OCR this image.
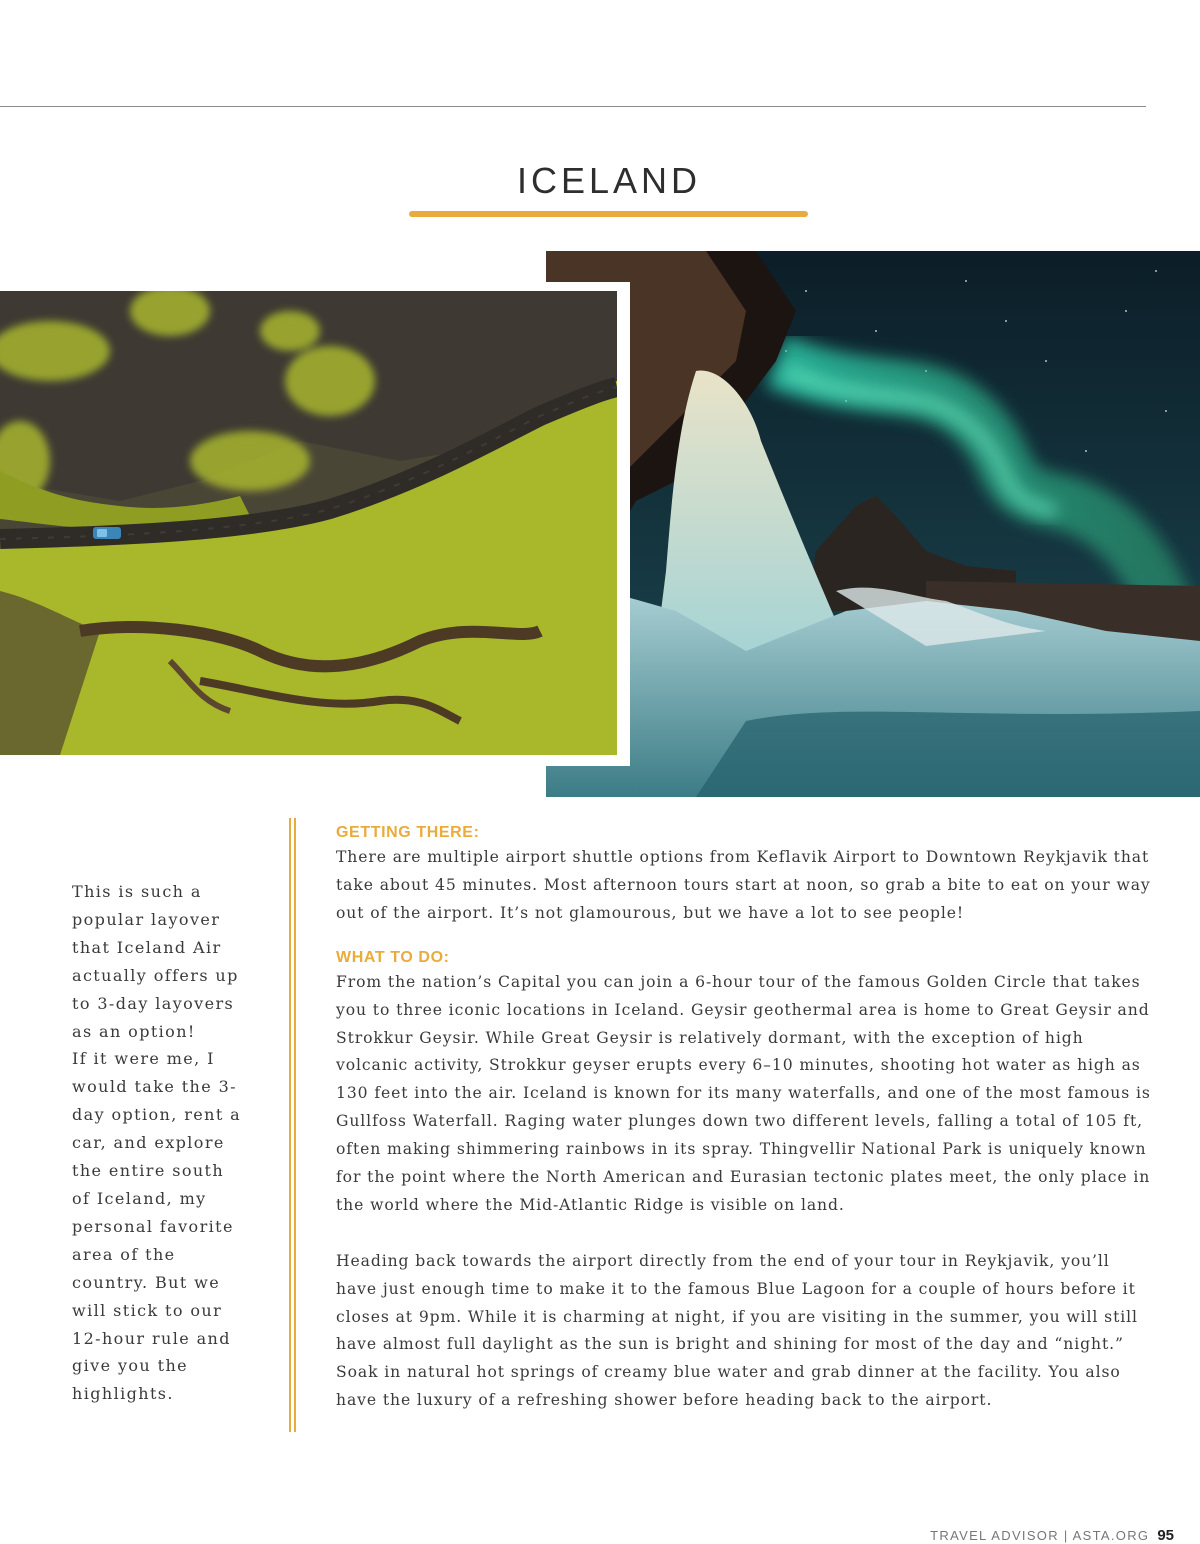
ICELAND

This is such a popular layover that Iceland Air actually offers up to 3-day layovers as an option!

If it were me, I would take the 3-day option, rent a car, and explore the entire south of Iceland, my personal favorite area of the country. But we will stick to our 12-hour rule and give you the highlights.

GETTING THERE:

There are multiple airport shuttle options from Keflavik Airport to Downtown Reykjavik that take about 45 minutes. Most afternoon tours start at noon, so grab a bite to eat on your way out of the airport. It’s not glamourous, but we have a lot to see people!

WHAT TO DO:

From the nation’s Capital you can join a 6-hour tour of the famous Golden Circle that takes you to three iconic locations in Iceland. Geysir geothermal area is home to Great Geysir and Strokkur Geysir. While Great Geysir is relatively dormant, with the exception of high volcanic activity, Strokkur geyser erupts every 6–10 minutes, shooting hot water as high as 130 feet into the air. Iceland is known for its many waterfalls, and one of the most famous is Gullfoss Waterfall. Raging water plunges down two different levels, falling a total of 105 ft, often making shimmering rainbows in its spray. Thingvellir National Park is uniquely known for the point where the North American and Eurasian tectonic plates meet, the only place in the world where the Mid-Atlantic Ridge is visible on land.

Heading back towards the airport directly from the end of your tour in Reykjavik, you’ll have just enough time to make it to the famous Blue Lagoon for a couple of hours before it closes at 9pm. While it is charming at night, if you are visiting in the summer, you will still have almost full daylight as the sun is bright and shining for most of the day and “night.” Soak in natural hot springs of creamy blue water and grab dinner at the facility. You also have the luxury of a refreshing shower before heading back to the airport.

TRAVEL ADVISOR | ASTA.ORG 95
